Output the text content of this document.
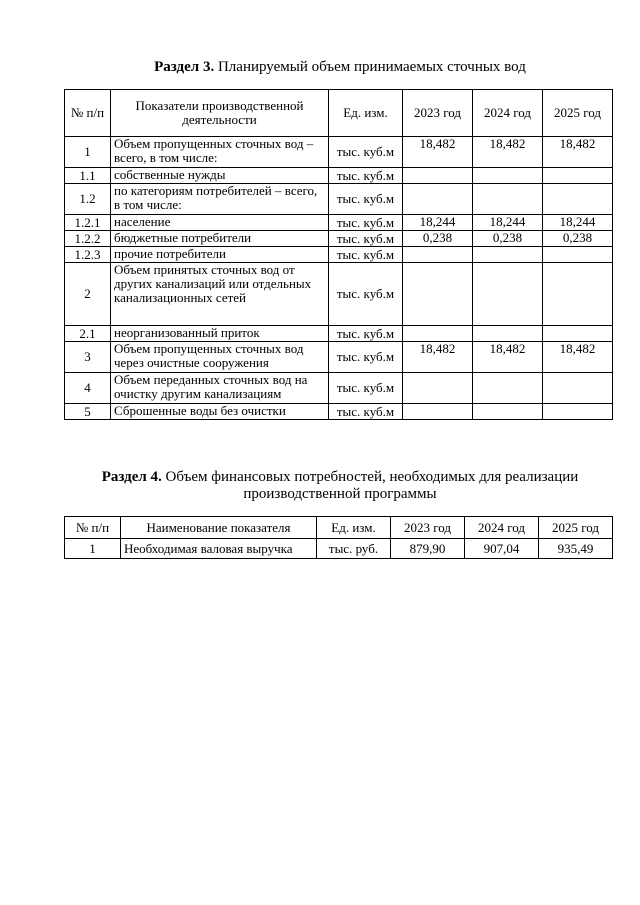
Раздел 3. Планируемый объем принимаемых сточных вод
№ п/п	Показатели производственной деятельности	Ед. изм.	2023 год	2024 год	2025 год
1	Объем пропущенных сточных вод – всего, в том числе:	тыс. куб.м	18,482	18,482	18,482
1.1	собственные нужды	тыс. куб.м			
1.2	по категориям потребителей – всего, в том числе:	тыс. куб.м			
1.2.1	население	тыс. куб.м	18,244	18,244	18,244
1.2.2	бюджетные потребители	тыс. куб.м	0,238	0,238	0,238
1.2.3	прочие потребители	тыс. куб.м			
2	Объем принятых сточных вод от других канализаций или отдельных канализационных сетей	тыс. куб.м			
2.1	неорганизованный приток	тыс. куб.м			
3	Объем пропущенных сточных вод через очистные сооружения	тыс. куб.м	18,482	18,482	18,482
4	Объем переданных сточных вод на очистку другим канализациям	тыс. куб.м			
5	Сброшенные воды без очистки	тыс. куб.м			
Раздел 4. Объем финансовых потребностей, необходимых для реализации производственной программы
№ п/п	Наименование показателя	Ед. изм.	2023 год	2024 год	2025 год
1	Необходимая валовая выручка	тыс. руб.	879,90	907,04	935,49
